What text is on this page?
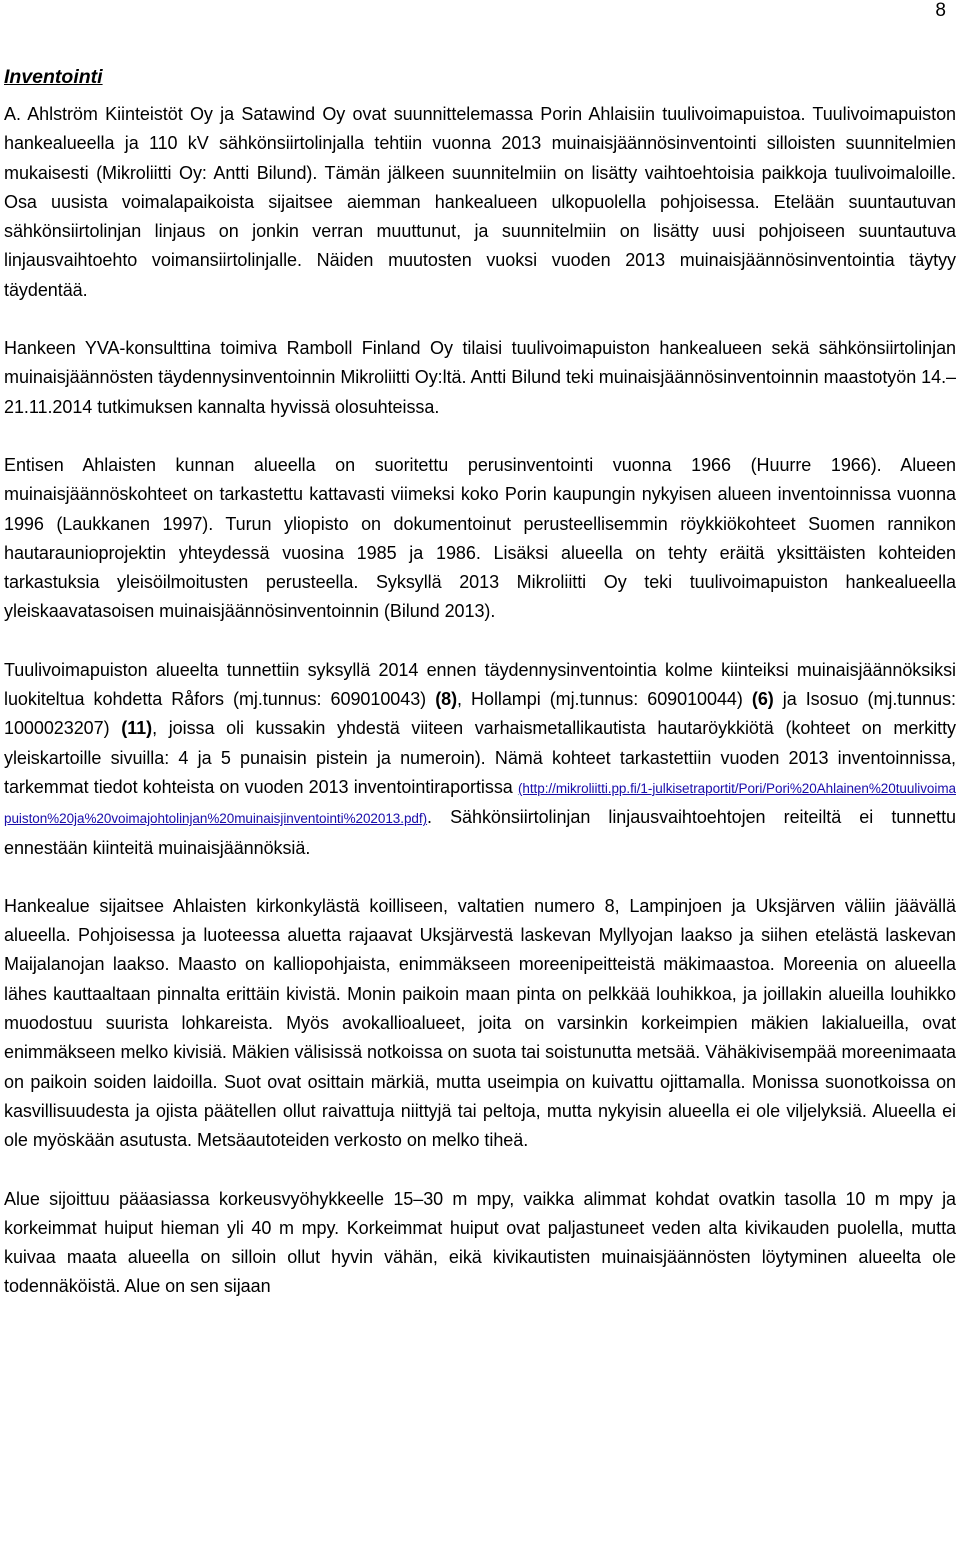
8
Inventointi

A. Ahlström Kiinteistöt Oy ja Satawind Oy ovat suunnittelemassa Porin Ahlaisiin tuulivoimapuistoa. Tuulivoimapuiston hankealueella ja 110 kV sähkönsiirtolinjalla tehtiin vuonna 2013 muinaisjäännösinventointi silloisten suunnitelmien mukaisesti (Mikroliitti Oy: Antti Bilund). Tämän jälkeen suunnitelmiin on lisätty vaihtoehtoisia paikkoja tuulivoimaloille. Osa uusista voimalapaikoista sijaitsee aiemman hankealueen ulkopuolella pohjoisessa. Etelään suuntautuvan sähkönsiirtolinjan linjaus on jonkin verran muuttunut, ja suunnitelmiin on lisätty uusi pohjoiseen suuntautuva linjausvaihtoehto voimansiirtolinjalle. Näiden muutosten vuoksi vuoden 2013 muinaisjäännösinventointia täytyy täydentää.

Hankeen YVA-konsulttina toimiva Ramboll Finland Oy tilaisi tuulivoimapuiston hankealueen sekä sähkönsiirtolinjan muinaisjäännösten täydennysinventoinnin Mikroliitti Oy:ltä. Antti Bilund teki muinaisjäännösinventoinnin maastotyön 14.–21.11.2014 tutkimuksen kannalta hyvissä olosuhteissa.

Entisen Ahlaisten kunnan alueella on suoritettu perusinventointi vuonna 1966 (Huurre 1966). Alueen muinaisjäännöskohteet on tarkastettu kattavasti viimeksi koko Porin kaupungin nykyisen alueen inventoinnissa vuonna 1996 (Laukkanen 1997). Turun yliopisto on dokumentoinut perusteellisemmin röykkiökohteet Suomen rannikon hautaraunioprojektin yhteydessä vuosina 1985 ja 1986. Lisäksi alueella on tehty eräitä yksittäisten kohteiden tarkastuksia yleisöilmoitusten perusteella. Syksyllä 2013 Mikroliitti Oy teki tuulivoimapuiston hankealueella yleiskaavatasoisen muinaisjäännösinventoinnin (Bilund 2013).

Tuulivoimapuiston alueelta tunnettiin syksyllä 2014 ennen täydennysinventointia kolme kiinteiksi muinaisjäännöksiksi luokiteltua kohdetta Råfors (mj.tunnus: 609010043) (8), Hollampi (mj.tunnus: 609010044) (6) ja Isosuo (mj.tunnus: 1000023207) (11), joissa oli kussakin yhdestä viiteen varhaismetallikautista hautaröykkiötä (kohteet on merkitty yleiskartoille sivuilla: 4 ja 5 punaisin pistein ja numeroin). Nämä kohteet tarkastettiin vuoden 2013 inventoinnissa, tarkemmat tiedot kohteista on vuoden 2013 inventointiraportissa (http://mikroliitti.pp.fi/1-julkisetraportit/Pori/Pori%20Ahlainen%20tuulivoimapuiston%20ja%20voimajohtolinjan%20muinaisjinventointi%202013.pdf). Sähkönsiirtolinjan linjausvaihtoehtojen reiteiltä ei tunnettu ennestään kiinteitä muinaisjäännöksiä.

Hankealue sijaitsee Ahlaisten kirkonkylästä koilliseen, valtatien numero 8, Lampinjoen ja Uksjärven väliin jäävällä alueella. Pohjoisessa ja luoteessa aluetta rajaavat Uksjärvestä laskevan Myllyojan laakso ja siihen etelästä laskevan Maijalanojan laakso. Maasto on kalliopohjaista, enimmäkseen moreenipeitteistä mäkimaastoa. Moreenia on alueella lähes kauttaaltaan pinnalta erittäin kivistä. Monin paikoin maan pinta on pelkkää louhikkoa, ja joillakin alueilla louhikko muodostuu suurista lohkareista. Myös avokallioalueet, joita on varsinkin korkeimpien mäkien lakialueilla, ovat enimmäkseen melko kivisiä. Mäkien välisissä notkoissa on suota tai soistunutta metsää. Vähäkivisempää moreenimaata on paikoin soiden laidoilla. Suot ovat osittain märkiä, mutta useimpia on kuivattu ojittamalla. Monissa suonotkoissa on kasvillisuudesta ja ojista päätellen ollut raivattuja niittyjä tai peltoja, mutta nykyisin alueella ei ole viljelyksiä. Alueella ei ole myöskään asutusta. Metsäautoteiden verkosto on melko tiheä.

Alue sijoittuu pääasiassa korkeusvyöhykkeelle 15–30 m mpy, vaikka alimmat kohdat ovatkin tasolla 10 m mpy ja korkeimmat huiput hieman yli 40 m mpy. Korkeimmat huiput ovat paljastuneet veden alta kivikauden puolella, mutta kuivaa maata alueella on silloin ollut hyvin vähän, eikä kivikautisten muinaisjäännösten löytyminen alueelta ole todennäköistä. Alue on sen sijaan
